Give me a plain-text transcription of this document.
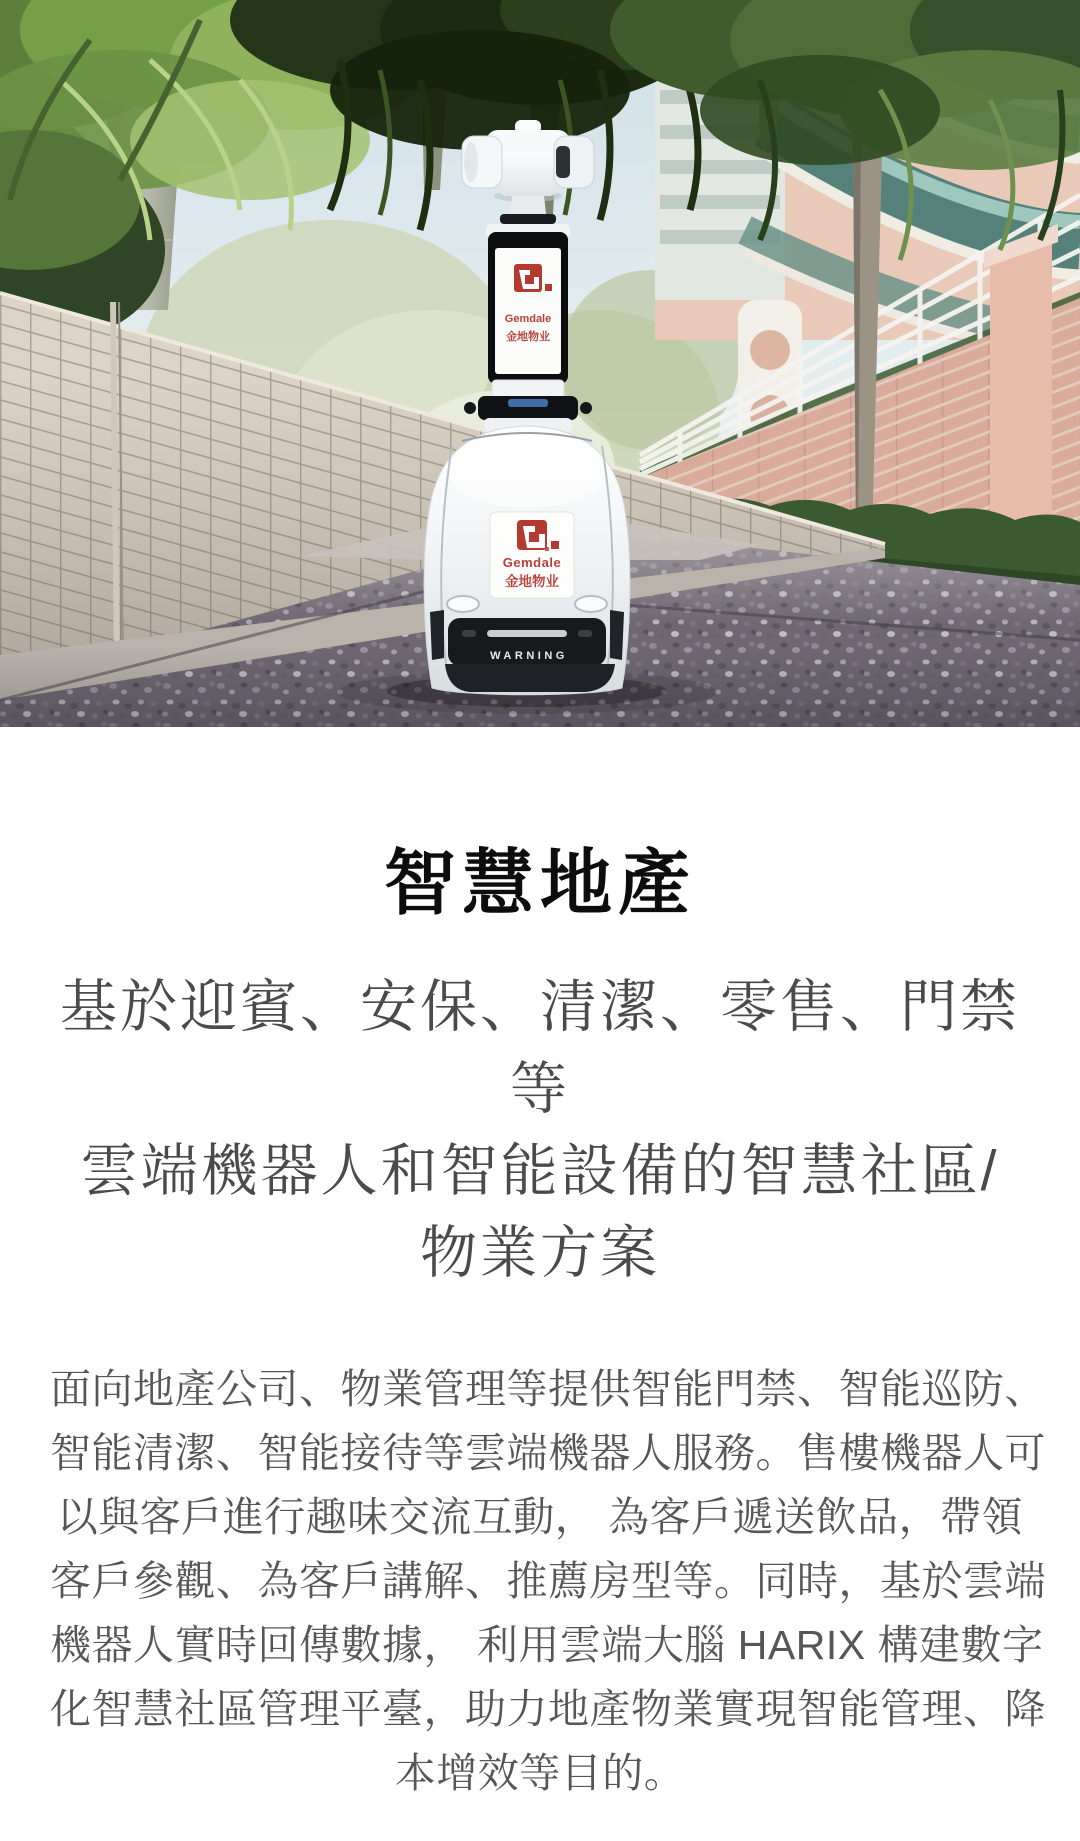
Gemdale
金地物业
Gemdale
金地物业
WARNING
智慧地產
基於迎賓、安保、清潔、零售、門禁等
雲端機器人和智能設備的智慧社區/
物業方案

面向地產公司、物業管理等提供智能門禁、智能巡防、
智能清潔、智能接待等雲端機器人服務。售樓機器人可
以與客戶進行趣味交流互動， 為客戶遞送飲品，帶領
客戶參觀、為客戶講解、推薦房型等。同時，基於雲端
機器人實時回傳數據， 利用雲端大腦 HARIX 構建數字
化智慧社區管理平臺，助力地產物業實現智能管理、降
本增效等目的。
